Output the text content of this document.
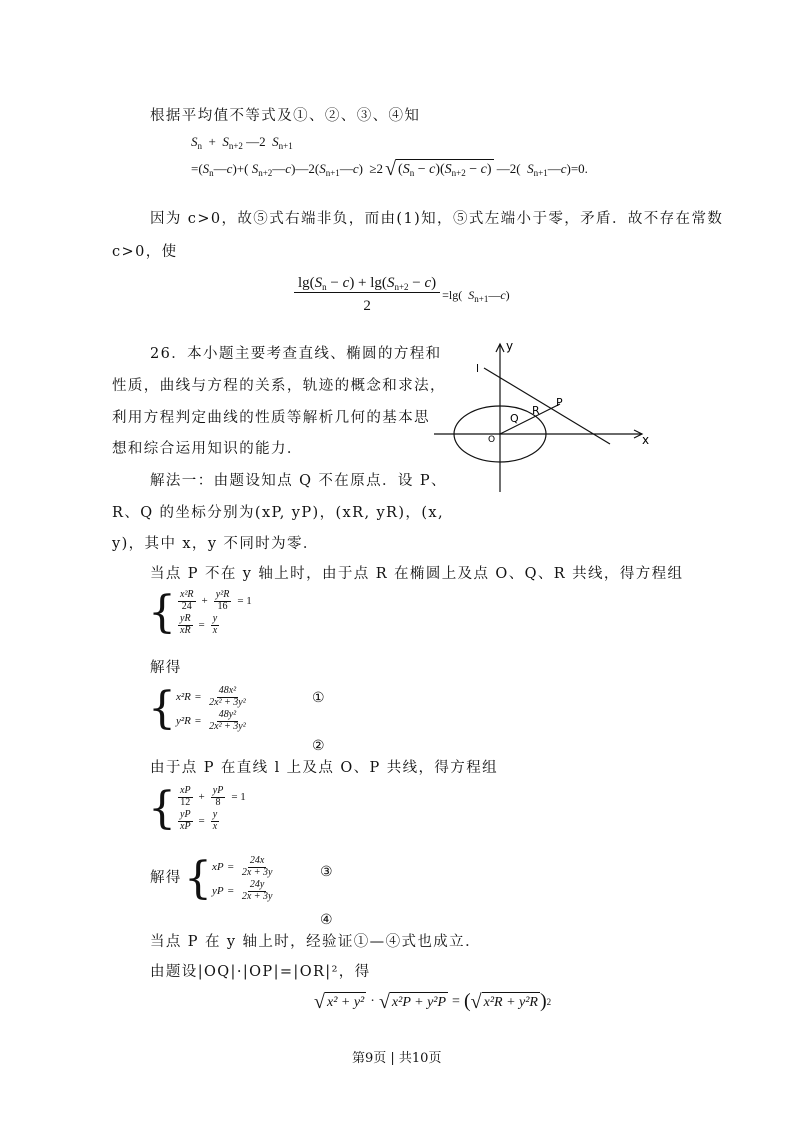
根据平均值不等式及①、②、③、④知
$S_n + S_{n+2}$ —2  $S_{n+1}$
$=(S_n—c)+$( $S_{n+2}—c)—2(S_{n+1}—c) \ge 2$ √ $(S_n - c)(S_{n+2} - c)$ —2(  $S_{n+1}—c)=0$.
因为 c>0，故⑤式右端非负，而由(1)知，⑤式左端小于零，矛盾．故不存在常数
c>0，使
$\frac{\lg(S_n - c) + \lg(S_{n+2} - c)}{2} =\lg$(  $S_{n+1}—c$)
26．本小题主要考查直线、椭圆的方程和
性质，曲线与方程的关系，轨迹的概念和求法，
利用方程判定曲线的性质等解析几何的基本思
想和综合运用知识的能力．
y
x
l
P
R
Q
O
解法一：由题设知点 Q 不在原点．设 P、
R、Q 的坐标分别为(xP, yP)，(xR, yR)，(x,
y)，其中 x，y 不同时为零．
当点 P 不在 y 轴上时，由于点 R 在椭圆上及点 O、Q、R 共线，得方程组
{ $\frac{\text{x²R}}{24} + \frac{\text{y²R}}{16} = 1$
$\frac{yR}{xR} = \frac{y}{x}$
解得
{ $x^2R = \frac{\text{48x²}}{\text{2x² + 3y²}}$
$y^2R = \frac{\text{48y²}}{\text{2x² + 3y²}}$
①
②
由于点 P 在直线 l 上及点 O、P 共线，得方程组
{ $\frac{xP}{12} + \frac{yP}{8} = 1$
$\frac{yP}{xP} = \frac{y}{x}$
解得 { xP = $\frac{24x}{2x + 3y}$
yP = $\frac{24y}{2x + 3y}$
③
④
当点 P 在 y 轴上时，经验证①—④式也成立．
由题设|OQ|·|OP|=|OR|²，得
√ x² + y² · √ x²P + y²P = ( √ x²R + y²R ) 2
第9页 | 共10页
